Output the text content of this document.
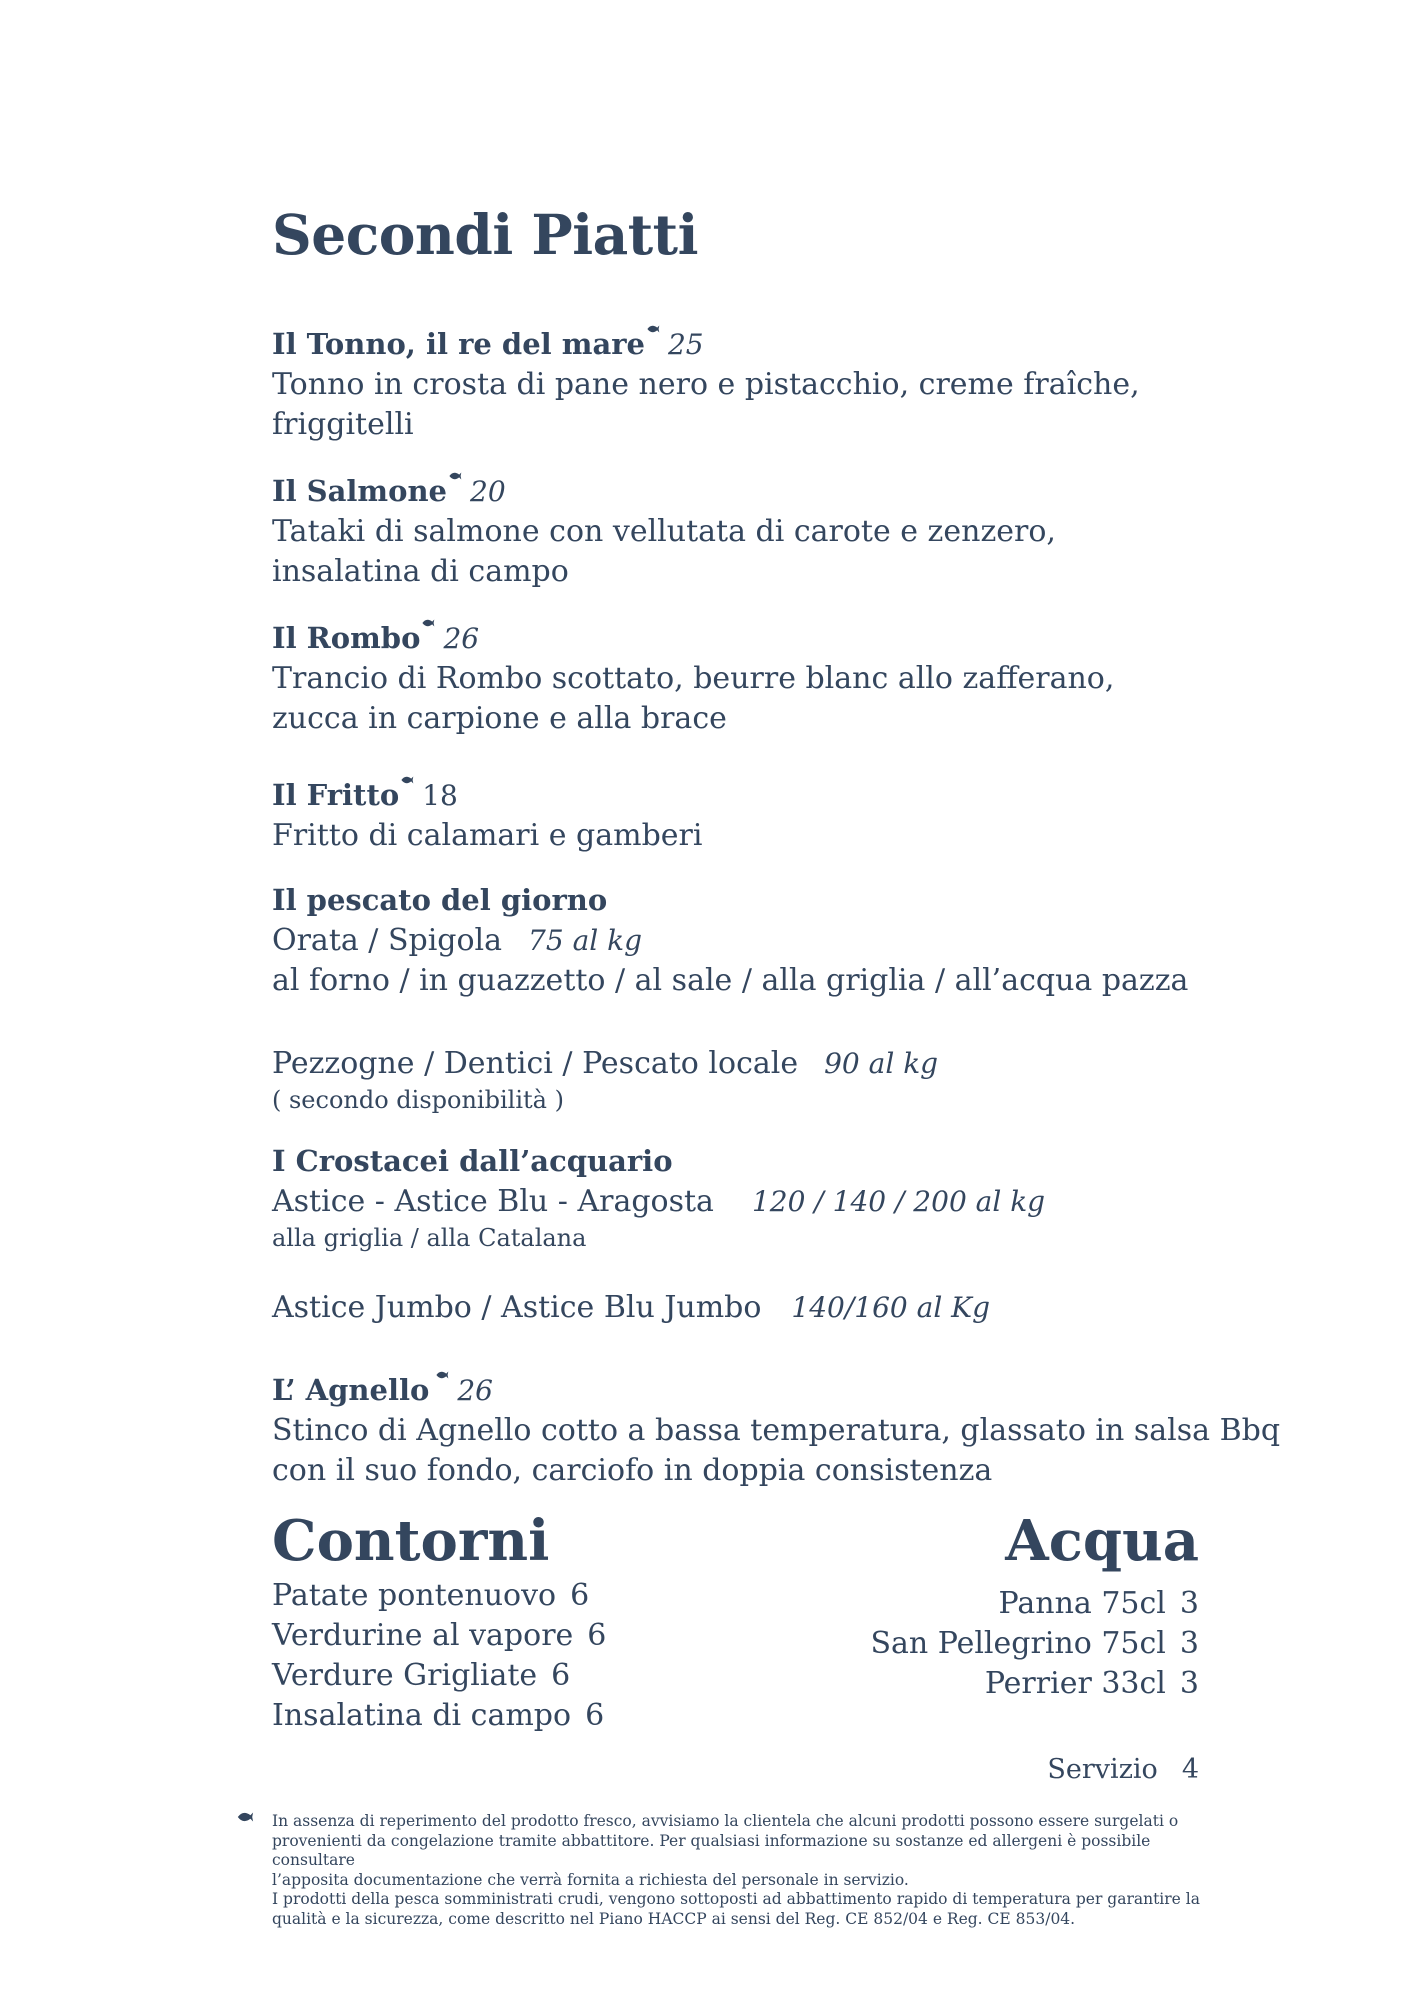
Secondi Piatti
Il Tonno, il re del mare 25
Tonno in crosta di pane nero e pistacchio, creme fraîche,
friggitelli
Il Salmone 20
Tataki di salmone con vellutata di carote e zenzero,
insalatina di campo
Il Rombo 26
Trancio di Rombo scottato, beurre blanc allo zafferano,
zucca in carpione e alla brace
Il Fritto 18
Fritto di calamari e gamberi
Il pescato del giorno
Orata / Spigola 75 al kg
al forno / in guazzetto / al sale / alla griglia / all’acqua pazza
Pezzogne / Dentici / Pescato locale 90 al kg
( secondo disponibilità )
I Crostacei dall’acquario
Astice - Astice Blu - Aragosta 120 / 140 / 200 al kg
alla griglia / alla Catalana
Astice Jumbo / Astice Blu Jumbo 140/160 al Kg
L’ Agnello 26
Stinco di Agnello cotto a bassa temperatura, glassato in salsa Bbq
con il suo fondo, carciofo in doppia consistenza
Contorni
Patate pontenuovo 6
Verdurine al vapore 6
Verdure Grigliate 6
Insalatina di campo 6
Acqua
Panna 75cl 3
San Pellegrino 75cl 3
Perrier 33cl 3
Servizio 4
In assenza di reperimento del prodotto fresco, avvisiamo la clientela che alcuni prodotti possono essere surgelati o
provenienti da congelazione tramite abbattitore. Per qualsiasi informazione su sostanze ed allergeni è possibile consultare
l’apposita documentazione che verrà fornita a richiesta del personale in servizio.
I prodotti della pesca somministrati crudi, vengono sottoposti ad abbattimento rapido di temperatura per garantire la
qualità e la sicurezza, come descritto nel Piano HACCP ai sensi del Reg. CE 852/04 e Reg. CE 853/04.
